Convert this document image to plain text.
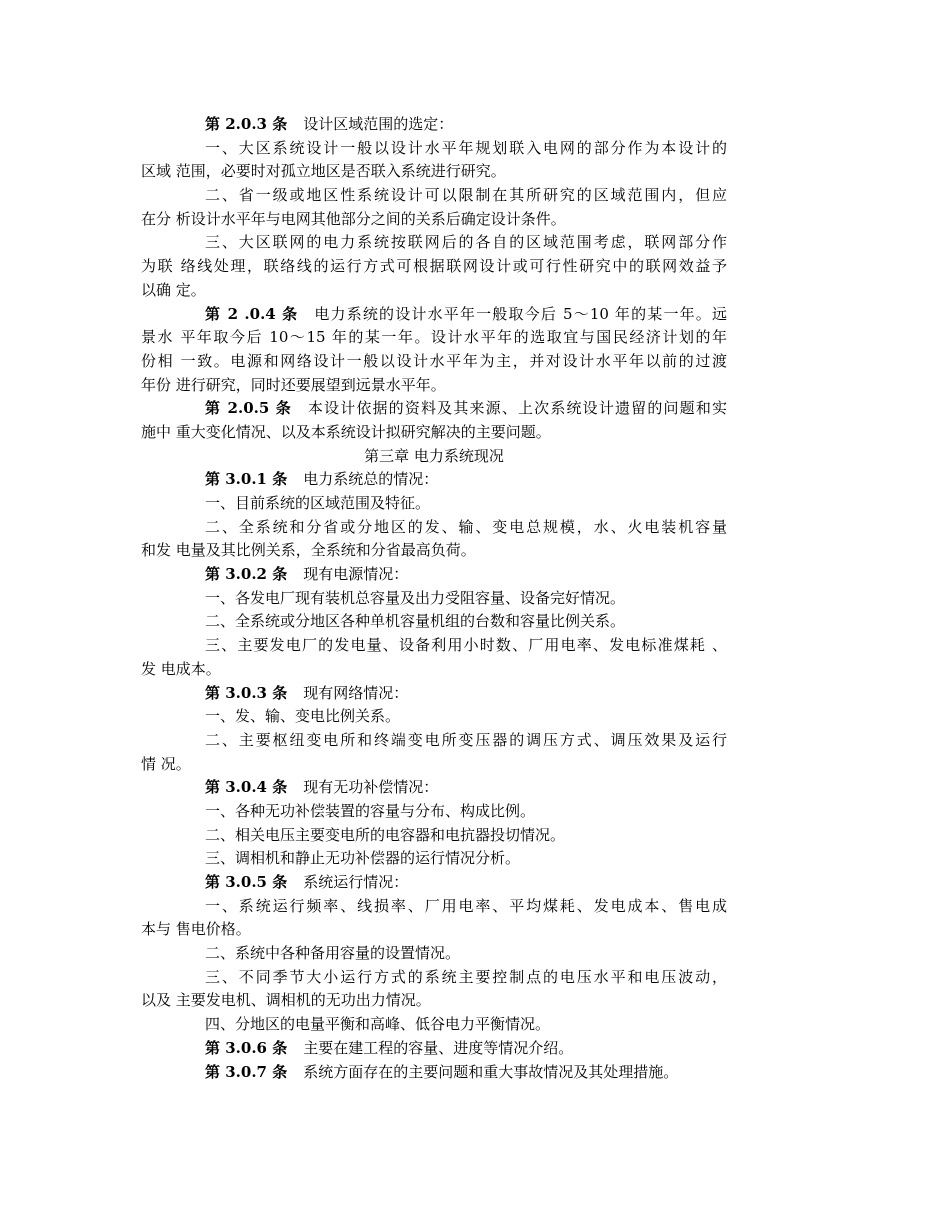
第 2.0.3 条 设计区域范围的选定：
一、大区系统设计一般以设计水平年规划联入电网的部分作为本设计的
区域 范围，必要时对孤立地区是否联入系统进行研究。
二、省一级或地区性系统设计可以限制在其所研究的区域范围内，但应
在分 析设计水平年与电网其他部分之间的关系后确定设计条件。
三、大区联网的电力系统按联网后的各自的区域范围考虑，联网部分作
为联 络线处理，联络线的运行方式可根据联网设计或可行性研究中的联网效益予
以确 定。
第 2 .0.4 条 电力系统的设计水平年一般取今后 5～10 年的某一年。远
景水 平年取今后 10～15 年的某一年。设计水平年的选取宜与国民经济计划的年
份相 一致。电源和网络设计一般以设计水平年为主，并对设计水平年以前的过渡
年份 进行研究，同时还要展望到远景水平年。
第 2.0.5 条 本设计依据的资料及其来源、上次系统设计遗留的问题和实
施中 重大变化情况、以及本系统设计拟研究解决的主要问题。
第三章 电力系统现况
第 3.0.1 条 电力系统总的情况：
一、目前系统的区域范围及特征。
二、全系统和分省或分地区的发、输、变电总规模，水、火电装机容量
和发 电量及其比例关系，全系统和分省最高负荷。
第 3.0.2 条 现有电源情况：
一、各发电厂现有装机总容量及出力受阻容量、设备完好情况。
二、全系统或分地区各种单机容量机组的台数和容量比例关系。
三、主要发电厂的发电量、设备利用小时数、厂用电率、发电标准煤耗 、
发 电成本。
第 3.0.3 条 现有网络情况：
一、发、输、变电比例关系。
二、主要枢纽变电所和终端变电所变压器的调压方式、调压效果及运行
情 况。
第 3.0.4 条 现有无功补偿情况：
一、各种无功补偿装置的容量与分布、构成比例。
二、相关电压主要变电所的电容器和电抗器投切情况。
三、调相机和静止无功补偿器的运行情况分析。
第 3.0.5 条 系统运行情况：
一、系统运行频率、线损率、厂用电率、平均煤耗、发电成本、售电成
本与 售电价格。
二、系统中各种备用容量的设置情况。
三、不同季节大小运行方式的系统主要控制点的电压水平和电压波动，
以及 主要发电机、调相机的无功出力情况。
四、分地区的电量平衡和高峰、低谷电力平衡情况。
第 3.0.6 条 主要在建工程的容量、进度等情况介绍。
第 3.0.7 条 系统方面存在的主要问题和重大事故情况及其处理措施。
